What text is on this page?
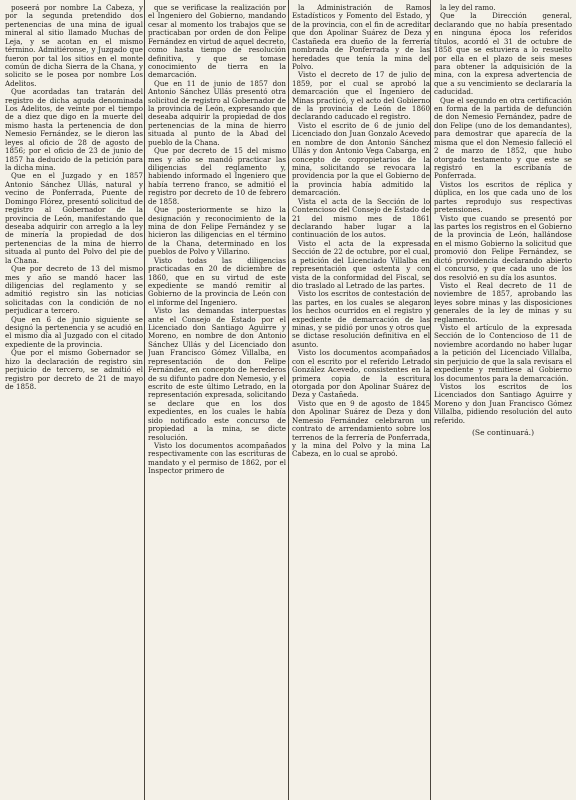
poseerá por nombre La Cabeza, y por la segunda pretendido dos pertenencias de una mina de igual mineral al sitio llamado Muchas de Leja, y se acotan en el mismo término. Admitiéronse, y Juzgado que fueron por tal los sitios en el monte común de dicha Sierra de la Chana, y solicito se le posea por nombre Los Adelitos.

Que acordadas tan tratarán del registro de dicha aguda denominada Los Adelitos, de veinte por el tiempo de a diez que digo en la muerte del mismo hasta la pertenencia de don Nemesio Fernández, se le dieron las leyes al oficio de 28 de agosto de 1856; por el oficio de 23 de junio de 1857 ha deducido de la petición para la dicha mina.

Que en el Juzgado y en 1857 Antonio Sánchez Ullás, natural y vecino de Ponferrada, Puente de Domingo Flórez, presentó solicitud de registro al Gobernador de la provincia de León, manifestando que deseaba adquirir con arreglo a la ley de minería la propiedad de dos pertenencias de la mina de hierro situada al punto del Polvo del pie de la Chana.

Que por decreto de 13 del mismo mes y año se mandó hacer las diligencias del reglamento y se admitió registro sin las noticias solicitadas con la condición de no perjudicar a tercero.

Que en 6 de junio siguiente se designó la pertenencia y se acudió en el mismo día al Juzgado con el citado expediente de la provincia.

Que por el mismo Gobernador se hizo la declaración de registro sin perjuicio de tercero, se admitió el registro por decreto de 21 de mayo de 1858.

que se verificase la realización por el Ingeniero del Gobierno, mandando cesar al momento los trabajos que se practicaban por orden de don Felipe Fernández en virtud de aquel decreto, como hasta tiempo de resolución definitiva, y que se tomase conocimiento de tierra en la demarcación.

Que en 11 de junio de 1857 don Antonio Sánchez Ullás presentó otra solicitud de registro al Gobernador de la provincia de León, expresando que deseaba adquirir la propiedad de dos pertenencias de la mina de hierro situada al punto de la Abad del pueblo de la Chana.

Que por decreto de 15 del mismo mes y año se mandó practicar las diligencias del reglamento y, habiendo informado el Ingeniero que había terreno franco, se admitió el registro por decreto de 10 de febrero de 1858.

Que posteriormente se hizo la designación y reconocimiento de la mina de don Felipe Fernández y se hicieron las diligencias en el término de la Chana, determinado en los pueblos de Polvo y Villarino.

Visto todas las diligencias practicadas en 20 de diciembre de 1860, que en su virtud de este expediente se mandó remitir al Gobierno de la provincia de León con el informe del Ingeniero.

Visto las demandas interpuestas ante el Consejo de Estado por el Licenciado don Santiago Aguirre y Moreno, en nombre de don Antonio Sánchez Ullás y del Licenciado don Juan Francisco Gómez Villalba, en representación de don Felipe Fernández, en concepto de herederos de su difunto padre don Nemesio, y el escrito de este último Letrado, en la representación expresada, solicitando se declare que en los dos expedientes, en los cuales le había sido notificado este concurso de propiedad a la mina, se dicte resolución.

Visto los documentos acompañados respectivamente con las escrituras de mandato y el permiso de 1862, por el Inspector primero de

la Administración de Ramos Estadísticos y Fomento del Estado, y de la provincia, con el fin de acreditar que don Apolinar Suárez de Deza y Castañeda era dueño de la ferrería nombrada de Ponferrada y de las heredades que tenía la mina del Polvo.

Visto el decreto de 17 de julio de 1859, por el cual se aprobó la demarcación que el Ingeniero de Minas practicó, y el acto del Gobierno de la provincia de León de 1860 declarando caducado el registro.

Visto el escrito de 6 de junio del Licenciado don Juan Gonzalo Acevedo en nombre de don Antonio Sánchez Ullás y don Antonio Vega Cabarga, en concepto de copropietarios de la mina, solicitando se revocara la providencia por la que el Gobierno de la provincia había admitido la demarcación.

Vista el acta de la Sección de lo Contencioso del Consejo de Estado de 21 del mismo mes de 1861 declarando haber lugar a la continuación de los autos.

Visto el acta de la expresada Sección de 22 de octubre, por el cual, a petición del Licenciado Villalba en representación que ostenta y con vista de la conformidad del Fiscal, se dio traslado al Letrado de las partes.

Visto los escritos de contestación de las partes, en los cuales se alegaron los hechos ocurridos en el registro y expediente de demarcación de las minas, y se pidió por unos y otros que se dictase resolución definitiva en el asunto.

Visto los documentos acompañados con el escrito por el referido Letrado González Acevedo, consistentes en la primera copia de la escritura otorgada por don Apolinar Suárez de Deza y Castañeda.

Visto que en 9 de agosto de 1845 don Apolinar Suárez de Deza y don Nemesio Fernández celebraron un contrato de arrendamiento sobre los terrenos de la ferrería de Ponferrada, y la mina del Polvo y la mina La Cabeza, en lo cual se aprobó.

la ley del ramo.

Que la Dirección general, declarando que no había presentado en ninguna época los referidos títulos, acordó el 31 de octubre de 1858 que se estuviera a lo resuelto por ella en el plazo de seis meses para obtener la adquisición de la mina, con la expresa advertencia de que a su vencimiento se declararía la caducidad.

Que el segundo en otra certificación en forma de la partida de defunción de don Nemesio Fernández, padre de don Felipe (uno de los demandantes), para demostrar que aparecía de la misma que el don Nemesio falleció el 2 de marzo de 1852, que hubo otorgado testamento y que este se registró en la escribanía de Ponferrada.

Vistos los escritos de réplica y dúplica, en los que cada uno de los partes reprodujo sus respectivas pretensiones.

Visto que cuando se presentó por las partes los registros en el Gobierno de la provincia de León, hallándose en el mismo Gobierno la solicitud que promovió don Felipe Fernández, se dictó providencia declarando abierto el concurso, y que cada uno de los dos resolvió en su día los asuntos.

Visto el Real decreto de 11 de noviembre de 1857, aprobando las leyes sobre minas y las disposiciones generales de la ley de minas y su reglamento.

Visto el artículo de la expresada Sección de lo Contencioso de 11 de noviembre acordando no haber lugar a la petición del Licenciado Villalba, sin perjuicio de que la sala revisara el expediente y remitiese al Gobierno los documentos para la demarcación.

Vistos los escritos de los Licenciados don Santiago Aguirre y Moreno y don Juan Francisco Gómez Villalba, pidiendo resolución del auto referido.

(Se continuará.)
